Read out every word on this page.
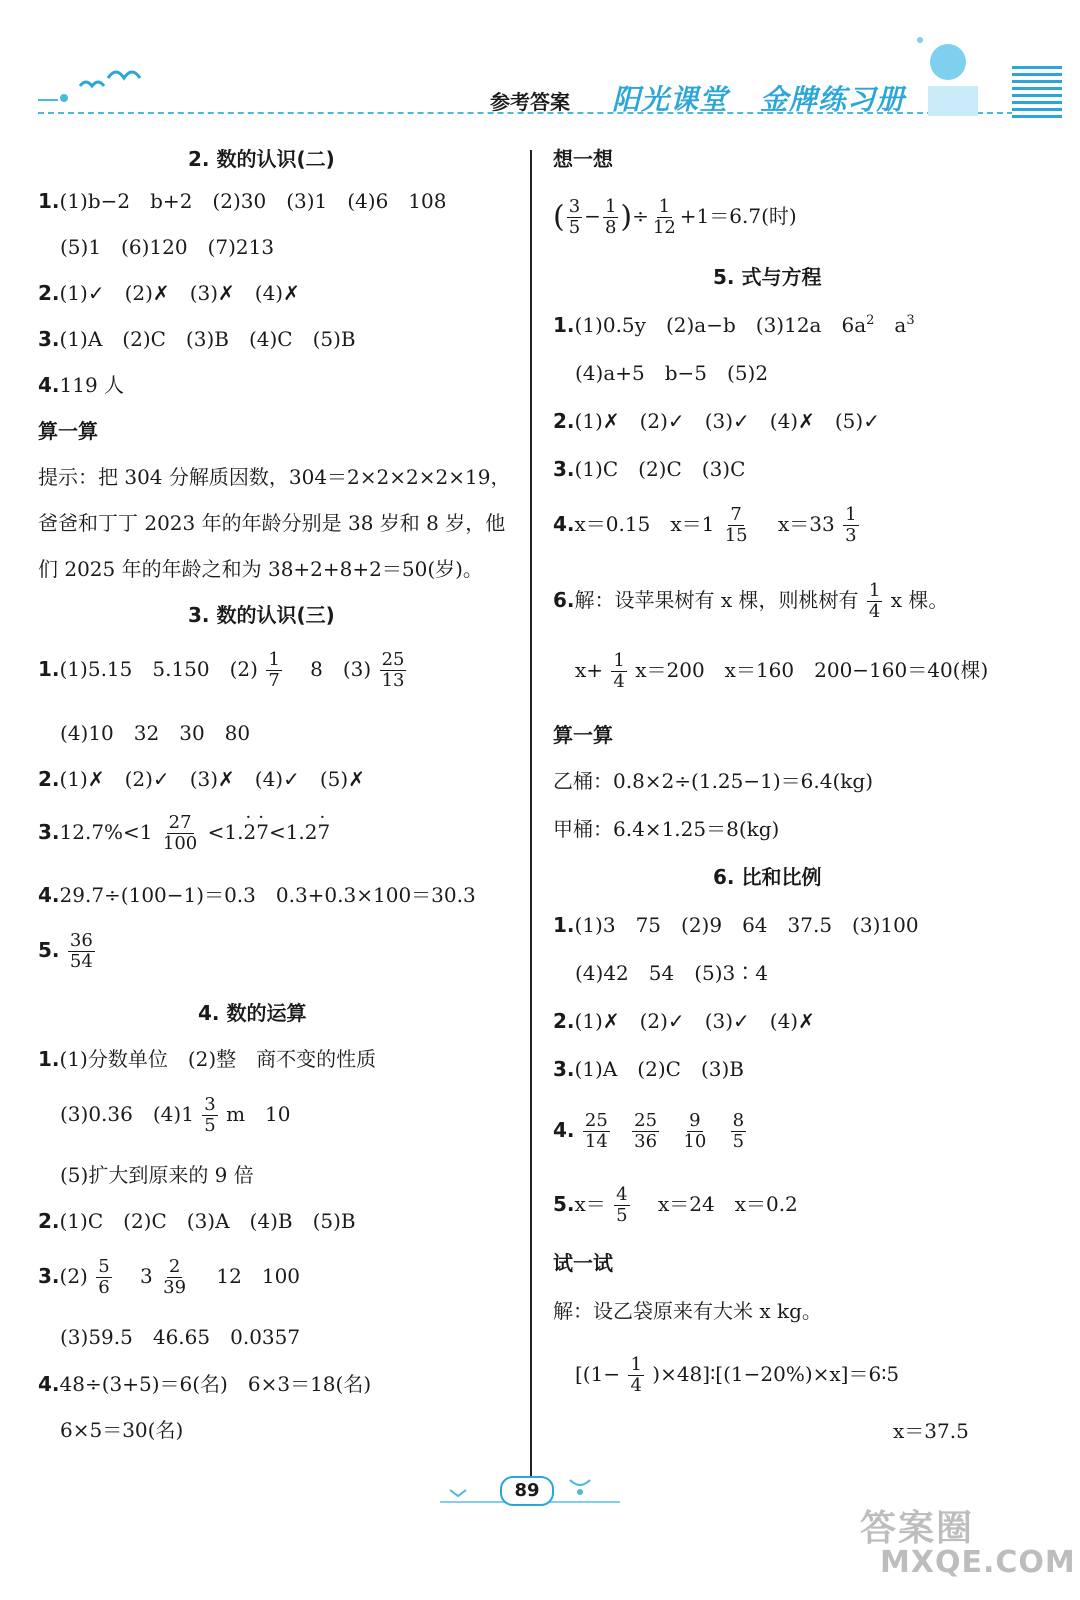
参考答案 阳光课堂 金牌练习册
2. 数的认识(二)
1.(1)b−2　b+2　(2)30　(3)1　(4)6　108
(5)1　(6)120　(7)213
2.(1)✓　(2)✗　(3)✗　(4)✗
3.(1)A　(2)C　(3)B　(4)C　(5)B
4.119 人
算一算
提示：把 304 分解质因数，304＝2×2×2×2×19，
爸爸和丁丁 2023 年的年龄分别是 38 岁和 8 岁，他
们 2025 年的年龄之和为 38+2+8+2＝50(岁)。
3. 数的认识(三)
1.(1)5.15　5.150　$(2) \frac{1}{7}$ 　8　$(3) \frac{25}{13}$
(4)10　32　30　80
2.(1)✗　(2)✓　(3)✗　(4)✓　(5)✗
$3.12.7\%<1 \frac{27}{100} <1.\cdot 2\cdot 7<1.2\cdot 7$
4.29.7÷(100−1)＝0.3　0.3+0.3×100＝30.3
5. $\frac{36}{54}$
4. 数的运算
1.(1)分数单位　(2)整　商不变的性质
(3)0.36　$(4)1 \frac{3}{5}$ m　10
(5)扩大到原来的 9 倍
2.(1)C　(2)C　(3)A　(4)B　(5)B
$3.(2) \frac{5}{6}$ 　$3 \frac{2}{39}$ 　12　100
(3)59.5　46.65　0.0357
4.48÷(3+5)＝6(名)　6×3＝18(名)
6×5＝30(名)
想一想
( $\frac{3}{5} - \frac{1}{8}$ )÷ $\frac{1}{12} +1=6.7$(时)
5. 式与方程
1.(1)0.5y　(2)a−b　(3)12a　$6a^2$　$a^3$
(4)a+5　b−5　(5)2
2.(1)✗　(2)✓　(3)✓　(4)✗　(5)✓
3.(1)C　(2)C　(3)C
4.x＝0.15　$x=1 \frac{7}{15}$ 　$x=33 \frac{1}{3}$
6.解：设苹果树有 x 棵，则桃树有 $\frac{1}{4}$ x 棵。
$x+ \frac{1}{4} x=200$　x＝160　200−160＝40(棵)
算一算
乙桶：0.8×2÷(1.25−1)＝6.4(kg)
甲桶：6.4×1.25＝8(kg)
6. 比和比例
1.(1)3　75　(2)9　64　37.5　(3)100
(4)42　54　(5)3∶4
2.(1)✗　(2)✓　(3)✓　(4)✗
3.(1)A　(2)C　(3)B
4. $\frac{25}{14}$
$\frac{25}{36}$
$\frac{9}{10}$
$\frac{8}{5}$
$5.x= \frac{4}{5}$ 　x＝24　x＝0.2
试一试
解：设乙袋原来有大米 x kg。
[($1- \frac{1}{4}$ )×48]∶[(1−20%)×x]＝6∶5
x＝37.5
89
答案圈
MXQE.COM
